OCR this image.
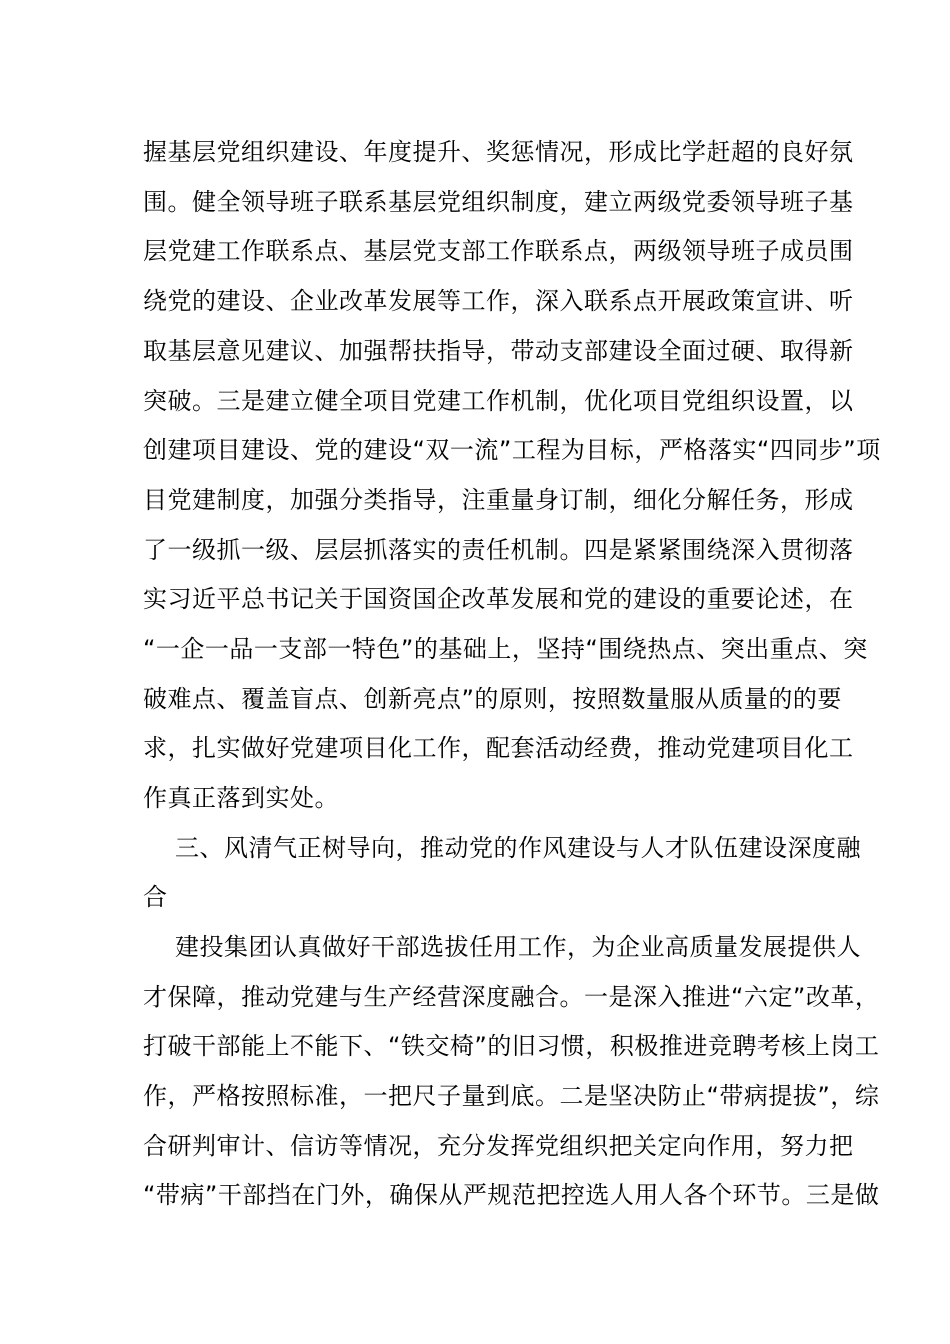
握基层党组织建设、年度提升、奖惩情况，形成比学赶超的良好氛
围。健全领导班子联系基层党组织制度，建立两级党委领导班子基
层党建工作联系点、基层党支部工作联系点，两级领导班子成员围
绕党的建设、企业改革发展等工作，深入联系点开展政策宣讲、听
取基层意见建议、加强帮扶指导，带动支部建设全面过硬、取得新
突破。三是建立健全项目党建工作机制，优化项目党组织设置，以
创建项目建设、党的建设“双一流”工程为目标，严格落实“四同步”项
目党建制度，加强分类指导，注重量身订制，细化分解任务，形成
了一级抓一级、层层抓落实的责任机制。四是紧紧围绕深入贯彻落
实习近平总书记关于国资国企改革发展和党的建设的重要论述，在
“一企一品一支部一特色”的基础上，坚持“围绕热点、突出重点、突
破难点、覆盖盲点、创新亮点”的原则，按照数量服从质量的的要
求，扎实做好党建项目化工作，配套活动经费，推动党建项目化工
作真正落到实处。
三、风清气正树导向，推动党的作风建设与人才队伍建设深度融
合
建投集团认真做好干部选拔任用工作，为企业高质量发展提供人
才保障，推动党建与生产经营深度融合。一是深入推进“六定”改革，
打破干部能上不能下、“铁交椅”的旧习惯，积极推进竞聘考核上岗工
作，严格按照标准，一把尺子量到底。二是坚决防止“带病提拔”，综
合研判审计、信访等情况，充分发挥党组织把关定向作用，努力把
“带病”干部挡在门外，确保从严规范把控选人用人各个环节。三是做
